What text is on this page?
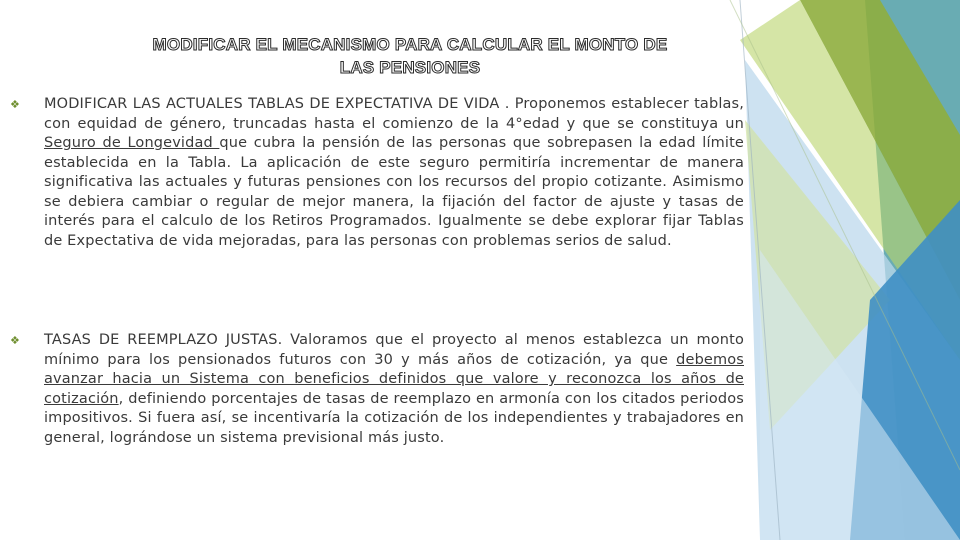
MODIFICAR EL MECANISMO PARA CALCULAR EL MONTO DE
LAS PENSIONES
❖ MODIFICAR LAS ACTUALES TABLAS DE EXPECTATIVA DE VIDA . Proponemos establecer tablas, con equidad de género, truncadas hasta el comienzo de la 4°edad y que se constituya un Seguro de Longevidad que cubra la pensión de las personas que sobrepasen la edad límite establecida en la Tabla. La aplicación de este seguro permitiría incrementar de manera significativa las actuales y futuras pensiones con los recursos del propio cotizante. Asimismo se debiera cambiar o regular de mejor manera, la fijación del factor de ajuste y tasas de interés para el calculo de los Retiros Programados. Igualmente se debe explorar fijar Tablas de Expectativa de vida mejoradas, para las personas con problemas serios de salud.
❖ TASAS DE REEMPLAZO JUSTAS. Valoramos que el proyecto al menos establezca un monto mínimo para los pensionados futuros con 30 y más años de cotización, ya que debemos avanzar hacia un Sistema con beneficios definidos que valore y reconozca los años de cotización, definiendo porcentajes de tasas de reemplazo en armonía con los citados periodos impositivos. Si fuera así, se incentivaría la cotización de los independientes y trabajadores en general, lográndose un sistema previsional más justo.
